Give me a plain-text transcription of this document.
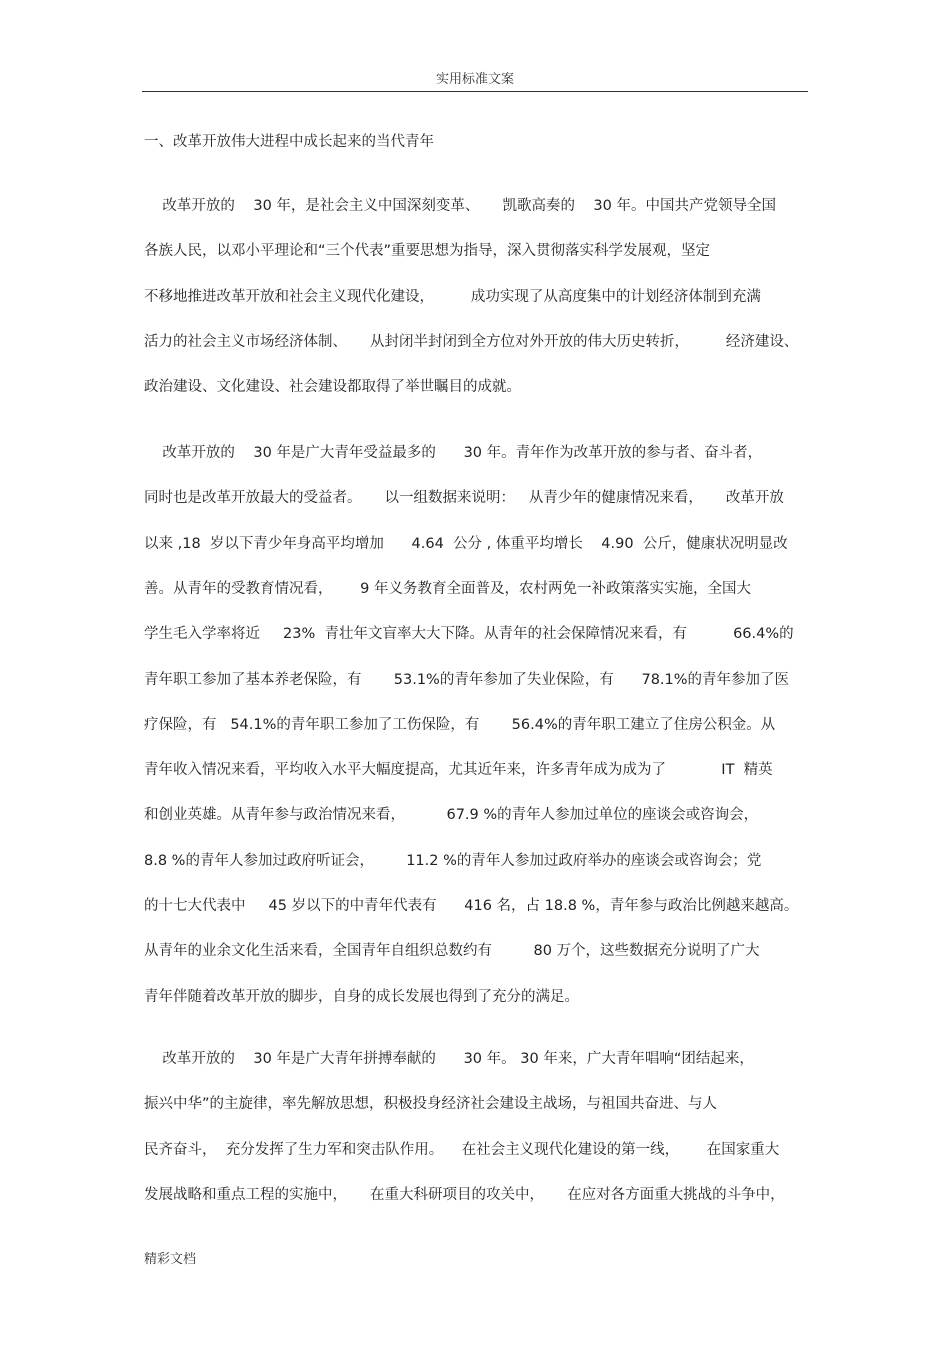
实用标准文案
一、改革开放伟大进程中成长起来的当代青年
改革开放的    30 年，是社会主义中国深刻变革、     凯歌高奏的    30 年。中国共产党领导全国
各族人民，以邓小平理论和“三个代表”重要思想为指导，深入贯彻落实科学发展观，坚定
不移地推进改革开放和社会主义现代化建设，        成功实现了从高度集中的计划经济体制到充满
活力的社会主义市场经济体制、     从封闭半封闭到全方位对外开放的伟大历史转折，        经济建设、
政治建设、文化建设、社会建设都取得了举世瞩目的成就。
改革开放的    30 年是广大青年受益最多的      30 年。青年作为改革开放的参与者、奋斗者，
同时也是改革开放最大的受益者。     以一组数据来说明：   从青少年的健康情况来看，     改革开放
以来 ,18  岁以下青少年身高平均增加      4.64  公分 , 体重平均增长    4.90  公斤，健康状况明显改
善。从青年的受教育情况看，      9 年义务教育全面普及，农村两免一补政策落实实施，全国大
学生毛入学率将近     23%  青壮年文盲率大大下降。从青年的社会保障情况来看，有          66.4%的
青年职工参加了基本养老保险，有       53.1%的青年参加了失业保险，有      78.1%的青年参加了医
疗保险，有   54.1%的青年职工参加了工伤保险，有       56.4%的青年职工建立了住房公积金。从
青年收入情况来看，平均收入水平大幅度提高，尤其近年来，许多青年成为成为了            IT  精英
和创业英雄。从青年参与政治情况来看，         67.9 %的青年人参加过单位的座谈会或咨询会，
8.8 %的青年人参加过政府听证会，       11.2 %的青年人参加过政府举办的座谈会或咨询会；党
的十七大代表中     45 岁以下的中青年代表有      416 名，占 18.8 %，青年参与政治比例越来越高。
从青年的业余文化生活来看，全国青年自组织总数约有         80 万个，这些数据充分说明了广大
青年伴随着改革开放的脚步，自身的成长发展也得到了充分的满足。
改革开放的    30 年是广大青年拼搏奉献的      30 年。 30 年来，广大青年唱响“团结起来，
振兴中华”的主旋律，率先解放思想，积极投身经济社会建设主战场，与祖国共奋进、与人
民齐奋斗，  充分发挥了生力军和突击队作用。    在社会主义现代化建设的第一线，      在国家重大
发展战略和重点工程的实施中，     在重大科研项目的攻关中，     在应对各方面重大挑战的斗争中，
精彩文档
